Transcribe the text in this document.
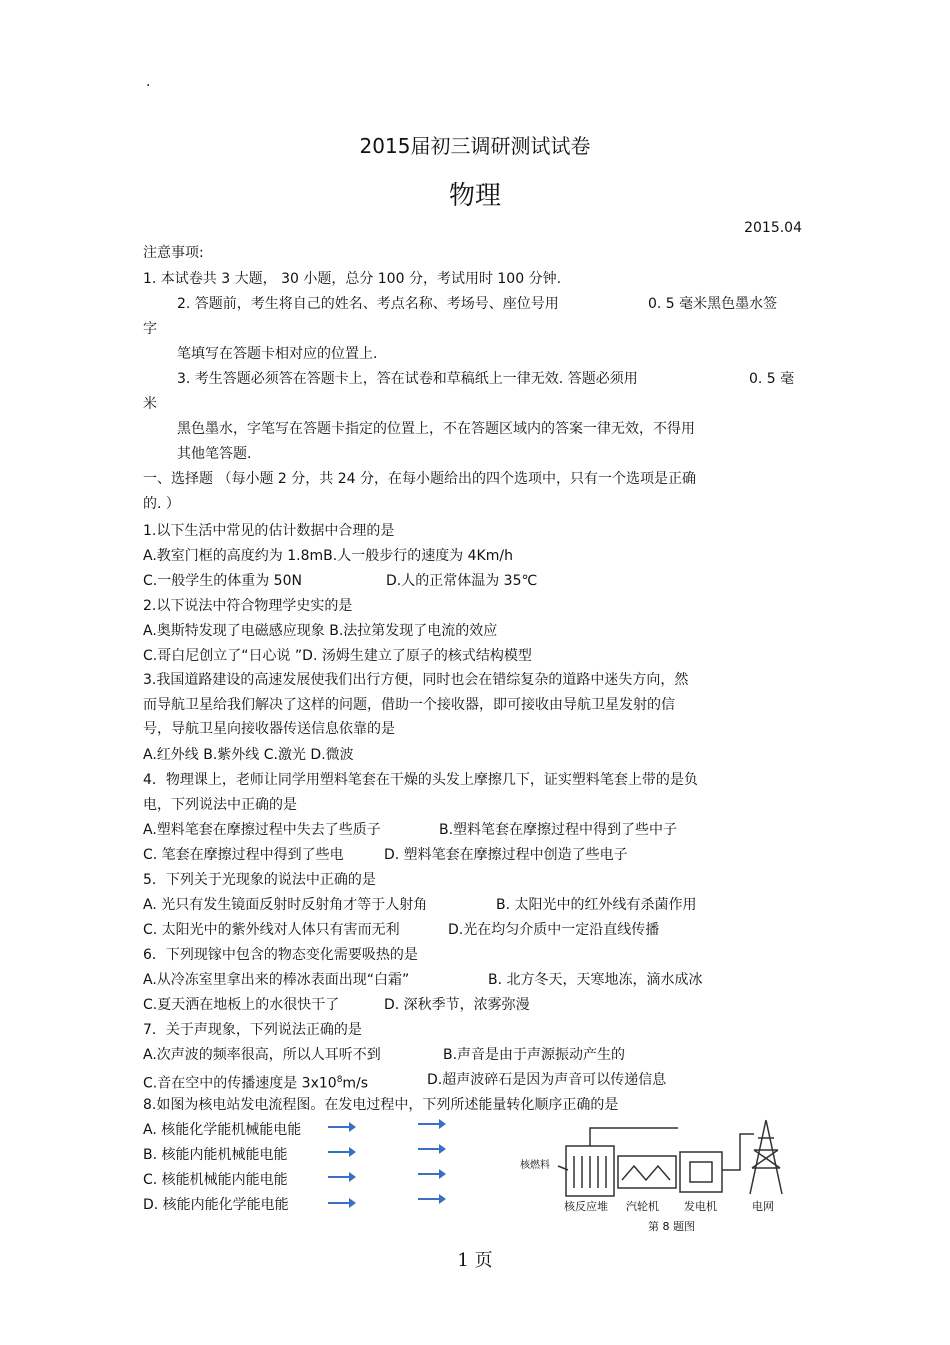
.
2015届初三调研测试试卷
物理
2015.04
注意事项:
1. 本试卷共 3 大题， 30 小题，总分 100 分，考试用时 100 分钟.
2. 答题前，考生将自己的姓名、考点名称、考场号、座位号用	0. 5 毫米黑色墨水签
字
笔填写在答题卡相对应的位置上.
3. 考生答题必须答在答题卡上，答在试卷和草稿纸上一律无效. 答题必须用	0. 5 毫
米
黑色墨水，字笔写在答题卡指定的位置上，不在答题区域内的答案一律无效，不得用
其他笔答题.
一、选择题 （每小题 2 分，共 24 分，在每小题给出的四个选项中，只有一个选项是正确
的. ）
1.以下生活中常见的估计数据中合理的是
A.教室门框的高度约为 1.8mB.人一般步行的速度为 4Km/h
C.一般学生的体重为 50N	D.人的正常体温为 35℃
2.以下说法中符合物理学史实的是
A.奥斯特发现了电磁感应现象 B.法拉第发现了电流的效应
C.哥白尼创立了“日心说 ”D. 汤姆生建立了原子的核式结构模型
3.我国道路建设的高速发展使我们出行方便，同时也会在错综复杂的道路中迷失方向，然
而导航卫星给我们解决了这样的问题，借助一个接收器，即可接收由导航卫星发射的信
号，导航卫星向接收器传送信息依靠的是
A.红外线 B.紫外线 C.激光 D.微波
4．物理课上，老师让同学用塑料笔套在干燥的头发上摩擦几下，证实塑料笔套上带的是负
电，下列说法中正确的是
A.塑料笔套在摩擦过程中失去了些质子	B.塑料笔套在摩擦过程中得到了些中子
C. 笔套在摩擦过程中得到了些电	D. 塑料笔套在摩擦过程中创造了些电子
5．下列关于光现象的说法中正确的是
A. 光只有发生镜面反射时反射角才等于人射角	B. 太阳光中的红外线有杀菌作用
C. 太阳光中的紫外线对人体只有害而无利	D.光在均匀介质中一定沿直线传播
6．下列现镓中包含的物态变化需要吸热的是
A.从冷冻室里拿出来的棒冰表面出现“白霜”	B. 北方冬天，天寒地冻，滴水成冰
C.夏天洒在地板上的水很快干了	D. 深秋季节，浓雾弥漫
7．关于声现象，下列说法正确的是
A.次声波的频率很高，所以人耳听不到	B.声音是由于声源振动产生的
C.音在空中的传播速度是 $3x10^8m/s$	D.超声波碎石是因为声音可以传递信息
8.如图为核电站发电流程图。在发电过程中，下列所述能量转化顺序正确的是
A. 核能化学能机械能电能
B. 核能内能机械能电能
C. 核能机械能内能电能
D. 核能内能化学能电能
核燃料
核反应堆 汽轮机 发电机	电网
第 8 题图
1 页
